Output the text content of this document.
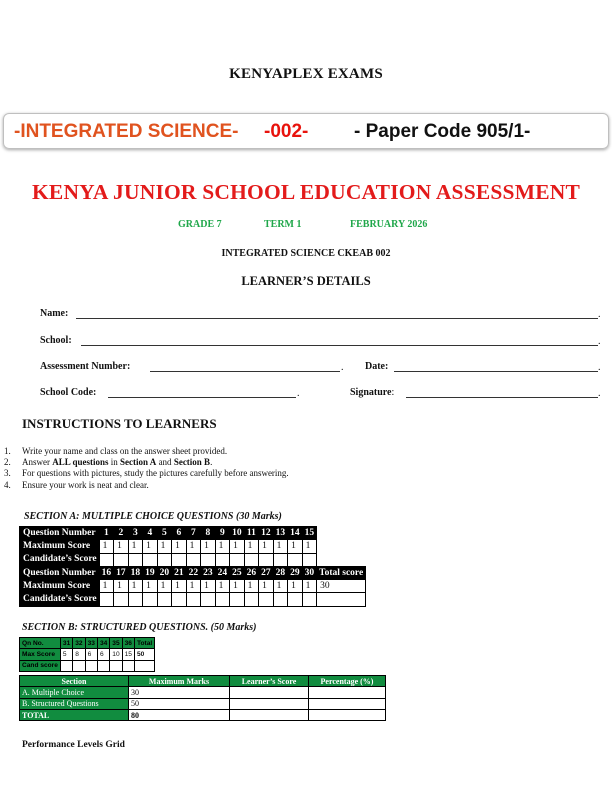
KENYAPLEX EXAMS
-INTEGRATED SCIENCE- -002- - Paper Code 905/1-
KENYA JUNIOR SCHOOL EDUCATION ASSESSMENT
GRADE 7	TERM 1	FEBRUARY 2026
INTEGRATED SCIENCE CKEAB 002
LEARNER’S DETAILS
Name:	.
School:	.
Assessment Number:	. Date:	.
School Code:	.	Signature:	.
INSTRUCTIONS TO LEARNERS
1. Write your name and class on the answer sheet provided.
2. Answer ALL questions in Section A and Section B.
3. For questions with pictures, study the pictures carefully before answering.
4. Ensure your work is neat and clear.
SECTION A: MULTIPLE CHOICE QUESTIONS (30 Marks)
Question Number	1	2	3	4	5	6	7	8	9	10	11	12	13	14	15	
Maximum Score	1	1	1	1	1	1	1	1	1	1	1	1	1	1	1	
Candidate’s Score																
Question Number	16	17	18	19	20	21	22	23	24	25	26	27	28	29	30	Total score
Maximum Score	1	1	1	1	1	1	1	1	1	1	1	1	1	1	1	30
Candidate’s Score																
SECTION B: STRUCTURED QUESTIONS. (50 Marks)
Qn No.	31	32	33	34	35	36	Total
Max Score	5	8	6	6	10	15	50
Cand score							
Section	Maximum Marks	Learner’s Score	Percentage (%)
A. Multiple Choice	30		
B. Structured Questions	50		
TOTAL	80		
Performance Levels Grid
